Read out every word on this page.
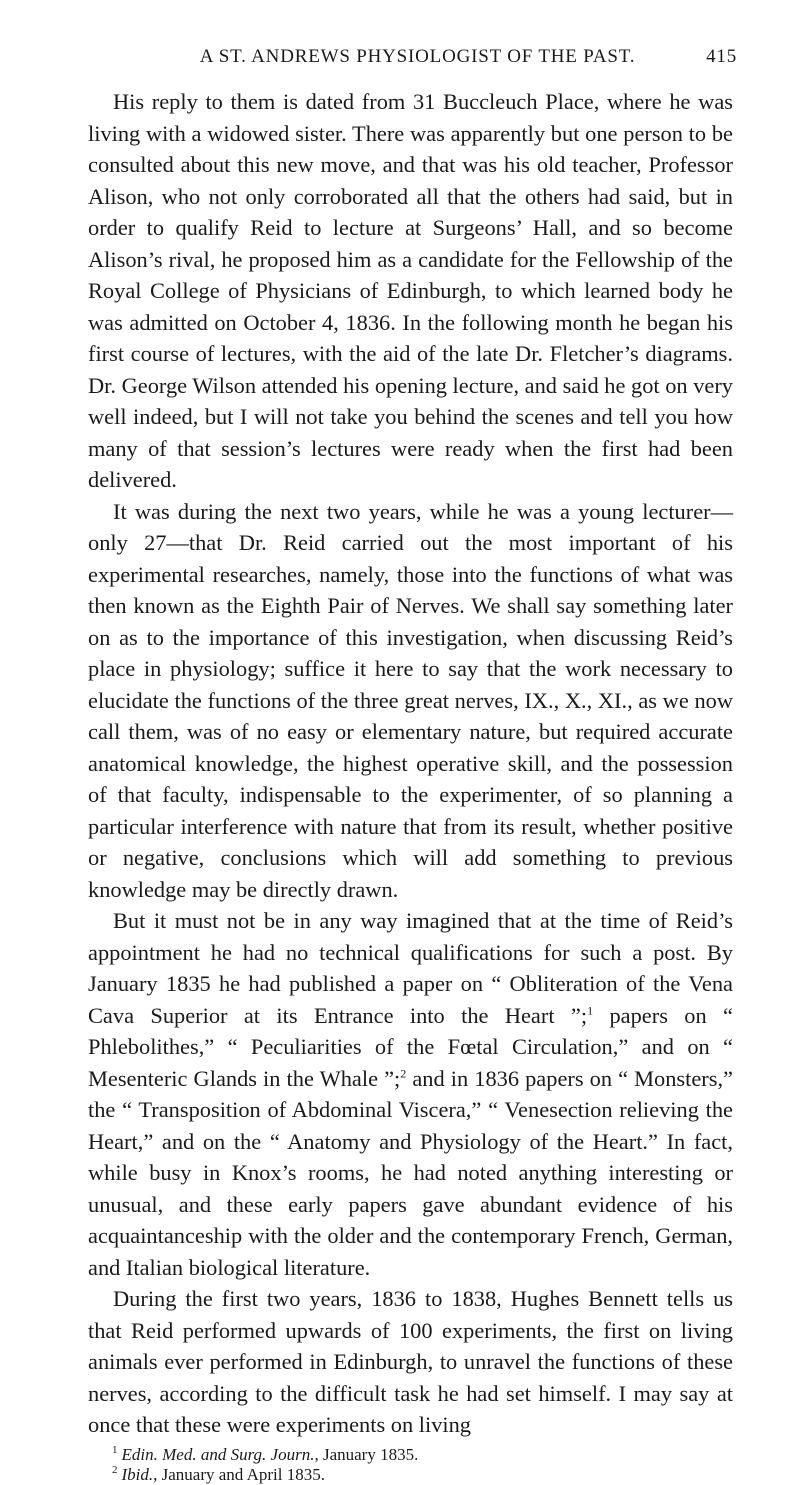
A ST. ANDREWS PHYSIOLOGIST OF THE PAST.	415

His reply to them is dated from 31 Buccleuch Place, where he was living with a widowed sister. There was apparently but one person to be consulted about this new move, and that was his old teacher, Professor Alison, who not only corroborated all that the others had said, but in order to qualify Reid to lecture at Surgeons’ Hall, and so become Alison’s rival, he proposed him as a candidate for the Fellowship of the Royal College of Physicians of Edinburgh, to which learned body he was admitted on October 4, 1836. In the following month he began his first course of lectures, with the aid of the late Dr. Fletcher’s diagrams. Dr. George Wilson attended his opening lecture, and said he got on very well indeed, but I will not take you behind the scenes and tell you how many of that session’s lectures were ready when the first had been delivered.

It was during the next two years, while he was a young lecturer—only 27—that Dr. Reid carried out the most important of his experimental researches, namely, those into the functions of what was then known as the Eighth Pair of Nerves. We shall say something later on as to the importance of this investigation, when discussing Reid’s place in physiology; suffice it here to say that the work necessary to elucidate the functions of the three great nerves, IX., X., XI., as we now call them, was of no easy or elementary nature, but required accurate anatomical knowledge, the highest operative skill, and the possession of that faculty, indispensable to the experimenter, of so planning a particular interference with nature that from its result, whether positive or negative, conclusions which will add something to previous knowledge may be directly drawn.

But it must not be in any way imagined that at the time of Reid’s appointment he had no technical qualifications for such a post. By January 1835 he had published a paper on “ Obliteration of the Vena Cava Superior at its Entrance into the Heart ”;$^1$ papers on “ Phlebolithes,” “ Peculiarities of the Fœtal Circulation,” and on “ Mesenteric Glands in the Whale ”;$^2$ and in 1836 papers on “ Monsters,” the “ Transposition of Abdominal Viscera,” “ Venesection relieving the Heart,” and on the “ Anatomy and Physiology of the Heart.” In fact, while busy in Knox’s rooms, he had noted anything interesting or unusual, and these early papers gave abundant evidence of his acquaintanceship with the older and the contemporary French, German, and Italian biological literature.

During the first two years, 1836 to 1838, Hughes Bennett tells us that Reid performed upwards of 100 experiments, the first on living animals ever performed in Edinburgh, to unravel the functions of these nerves, according to the difficult task he had set himself. I may say at once that these were experiments on living

$^1$ Edin. Med. and Surg. Journ., January 1835.
$^2$ Ibid., January and April 1835.
